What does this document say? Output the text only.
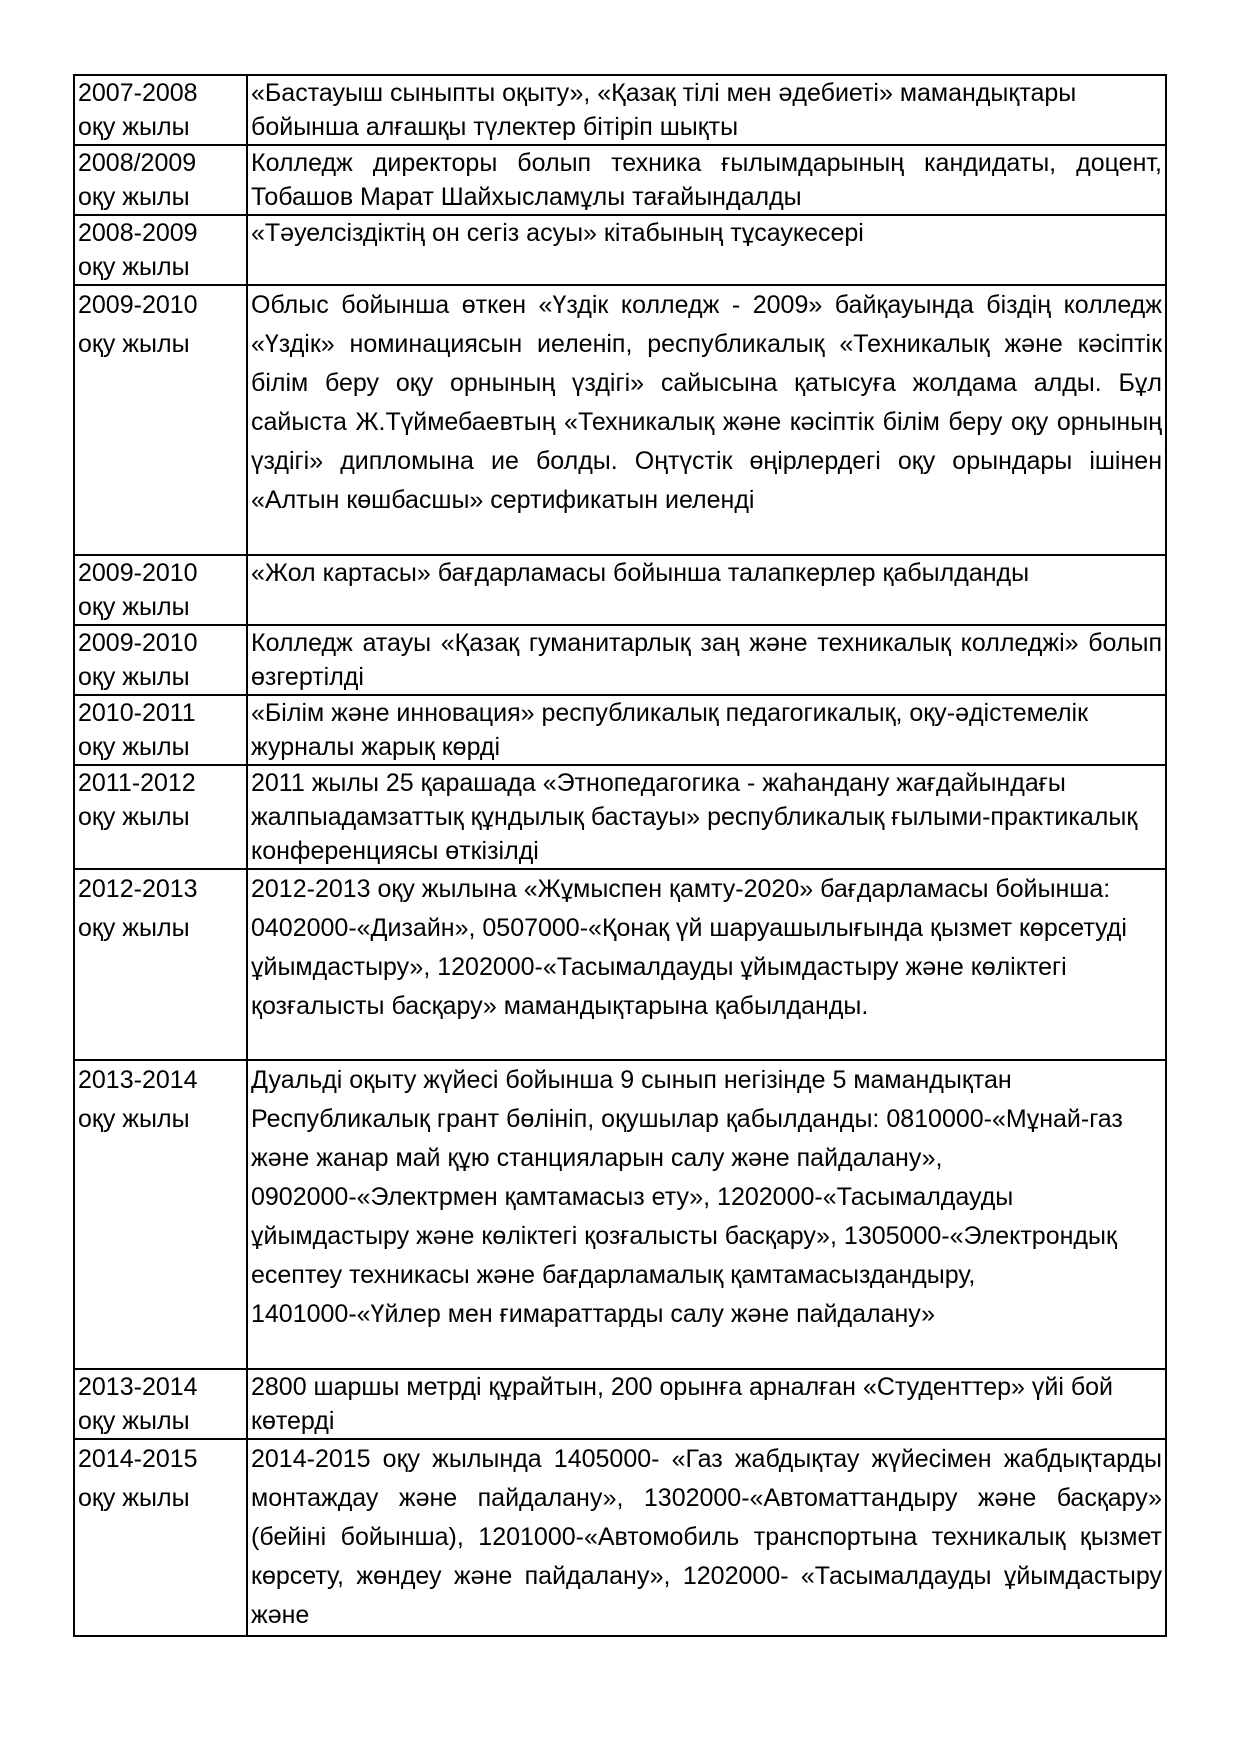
2007-2008
оқу жылы	«Бастауыш сыныпты оқыту», «Қазақ тілі мен әдебиеті» мамандықтары бойынша алғашқы түлектер бітіріп шықты

2008/2009
оқу жылы	Колледж директоры болып техника ғылымдарының кандидаты, доцент, Тобашов Марат Шайхысламұлы тағайындалды

2008-2009
оқу жылы	«Тәуелсіздіктің он сегіз асуы» кітабының тұсаукесері

2009-2010
оқу жылы	Облыс бойынша өткен «Үздік колледж - 2009» байқауында біздің колледж «Үздік» номинациясын иеленіп, республикалық «Техникалық және кәсіптік білім беру оқу орнының үздігі» сайысына қатысуға жолдама алды. Бұл сайыста Ж.Түймебаевтың «Техникалық және кәсіптік білім беру оқу орнының үздігі» дипломына ие болды. Оңтүстік өңірлердегі оқу орындары ішінен «Алтын көшбасшы» сертификатын иеленді

2009-2010
оқу жылы	«Жол картасы» бағдарламасы бойынша талапкерлер қабылданды

2009-2010
оқу жылы	Колледж атауы «Қазақ гуманитарлық заң және техникалық колледжі» болып өзгертілді

2010-2011
оқу жылы	«Білім және инновация» республикалық педагогикалық, оқу-әдістемелік журналы жарық көрді

2011-2012
оқу жылы	2011 жылы 25 қарашада «Этнопедагогика - жаһандану жағдайындағы жалпыадамзаттық құндылық бастауы» республикалық ғылыми-практикалық конференциясы өткізілді

2012-2013
оқу жылы	2012-2013 оқу жылына «Жұмыспен қамту-2020» бағдарламасы бойынша: 0402000-«Дизайн», 0507000-«Қонақ үй шаруашылығында қызмет көрсетуді ұйымдастыру», 1202000-«Тасымалдауды ұйымдастыру және көліктегі қозғалысты басқару» мамандықтарына қабылданды.

2013-2014
оқу жылы	Дуальді оқыту жүйесі бойынша 9 сынып негізінде 5 мамандықтан Республикалық грант бөлініп, оқушылар қабылданды: 0810000-«Мұнай-газ және жанар май құю станцияларын салу және пайдалану», 0902000-«Электрмен қамтамасыз ету», 1202000-«Тасымалдауды ұйымдастыру және көліктегі қозғалысты басқару», 1305000-«Электрондық есептеу техникасы және бағдарламалық қамтамасыздандыру, 1401000-«Үйлер мен ғимараттарды салу және пайдалану»

2013-2014
оқу жылы	2800 шаршы метрді құрайтын, 200 орынға арналған «Студенттер» үйі бой көтерді

2014-2015
оқу жылы	2014-2015 оқу жылында 1405000- «Газ жабдықтау жүйесімен жабдықтарды монтаждау және пайдалану», 1302000-«Автоматтандыру және басқару» (бейіні бойынша), 1201000-«Автомобиль транспортына техникалық қызмет көрсету, жөндеу және пайдалану», 1202000- «Тасымалдауды ұйымдастыру және
